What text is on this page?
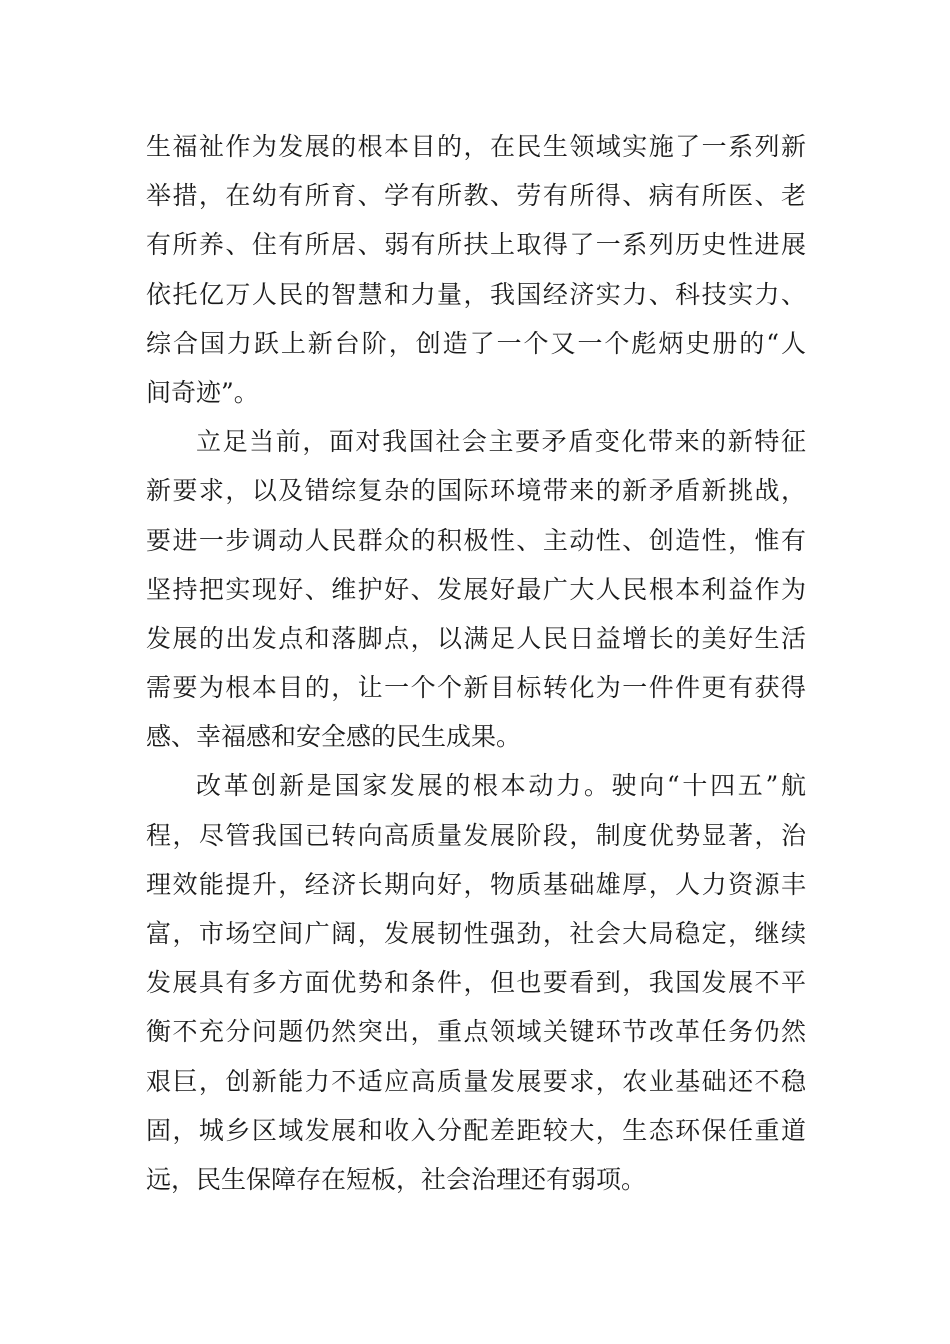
生福祉作为发展的根本目的，在民生领域实施了一系列新
举措，在幼有所育、学有所教、劳有所得、病有所医、老
有所养、住有所居、弱有所扶上取得了一系列历史性进展
依托亿万人民的智慧和力量，我国经济实力、科技实力、
综合国力跃上新台阶，创造了一个又一个彪炳史册的“人
间奇迹”。
立足当前，面对我国社会主要矛盾变化带来的新特征
新要求，以及错综复杂的国际环境带来的新矛盾新挑战，
要进一步调动人民群众的积极性、主动性、创造性，惟有
坚持把实现好、维护好、发展好最广大人民根本利益作为
发展的出发点和落脚点，以满足人民日益增长的美好生活
需要为根本目的，让一个个新目标转化为一件件更有获得
感、幸福感和安全感的民生成果。
改革创新是国家发展的根本动力。驶向“十四五”航
程，尽管我国已转向高质量发展阶段，制度优势显著，治
理效能提升，经济长期向好，物质基础雄厚，人力资源丰
富，市场空间广阔，发展韧性强劲，社会大局稳定，继续
发展具有多方面优势和条件，但也要看到，我国发展不平
衡不充分问题仍然突出，重点领域关键环节改革任务仍然
艰巨，创新能力不适应高质量发展要求，农业基础还不稳
固，城乡区域发展和收入分配差距较大，生态环保任重道
远，民生保障存在短板，社会治理还有弱项。
